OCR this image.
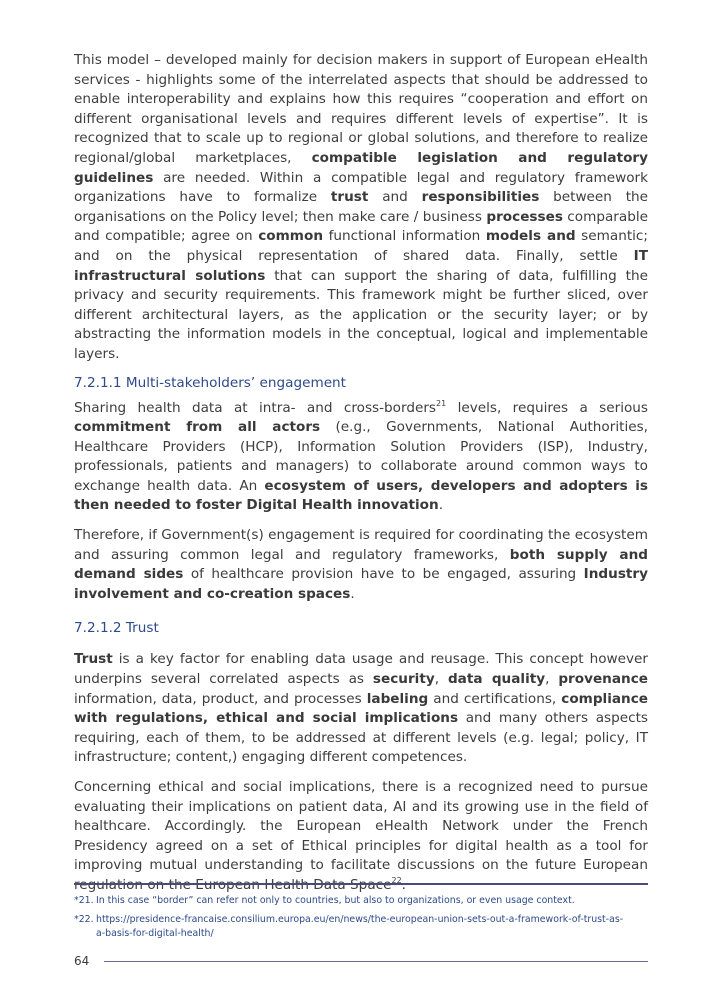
This model – developed mainly for decision makers in support of European eHealth services - highlights some of the interrelated aspects that should be addressed to enable interoperability and explains how this requires “cooperation and effort on different organisational levels and requires different levels of expertise”. It is recognized that to scale up to regional or global solutions, and therefore to realize regional/global marketplaces, compatible legislation and regulatory guidelines are needed. Within a compatible legal and regulatory framework organizations have to formalize trust and responsibilities between the organisations on the Policy level; then make care / business processes comparable and compatible; agree on common functional information models and semantic; and on the physical representation of shared data. Finally, settle IT infrastructural solutions that can support the sharing of data, fulfilling the privacy and security requirements. This framework might be further sliced, over different architectural layers, as the application or the security layer; or by abstracting the information models in the conceptual, logical and implementable layers.

7.2.1.1 Multi-stakeholders’ engagement

Sharing health data at intra- and cross-borders$^{21}$ levels, requires a serious commitment from all actors (e.g., Governments, National Authorities, Healthcare Providers (HCP), Information Solution Providers (ISP), Industry, professionals, patients and managers) to collaborate around common ways to exchange health data. An ecosystem of users, developers and adopters is then needed to foster Digital Health innovation.

Therefore, if Government(s) engagement is required for coordinating the ecosystem and assuring common legal and regulatory frameworks, both supply and demand sides of healthcare provision have to be engaged, assuring Industry involvement and co-creation spaces.

7.2.1.2 Trust

Trust is a key factor for enabling data usage and reusage. This concept however underpins several correlated aspects as security, data quality, provenance information, data, product, and processes labeling and certifications, compliance with regulations, ethical and social implications and many others aspects requiring, each of them, to be addressed at different levels (e.g. legal; policy, IT infrastructure; content,) engaging different competences.

Concerning ethical and social implications, there is a recognized need to pursue evaluating their implications on patient data, AI and its growing use in the field of healthcare. Accordingly. the European eHealth Network under the French Presidency agreed on a set of Ethical principles for digital health as a tool for improving mutual understanding to facilitate discussions on the future European regulation on the European Health Data Space$^{22}$.

*21. In this case “border” can refer not only to countries, but also to organizations, or even usage context.
*22. https://presidence-francaise.consilium.europa.eu/en/news/the-european-union-sets-out-a-framework-of-trust-as-
a-basis-for-digital-health/
64
